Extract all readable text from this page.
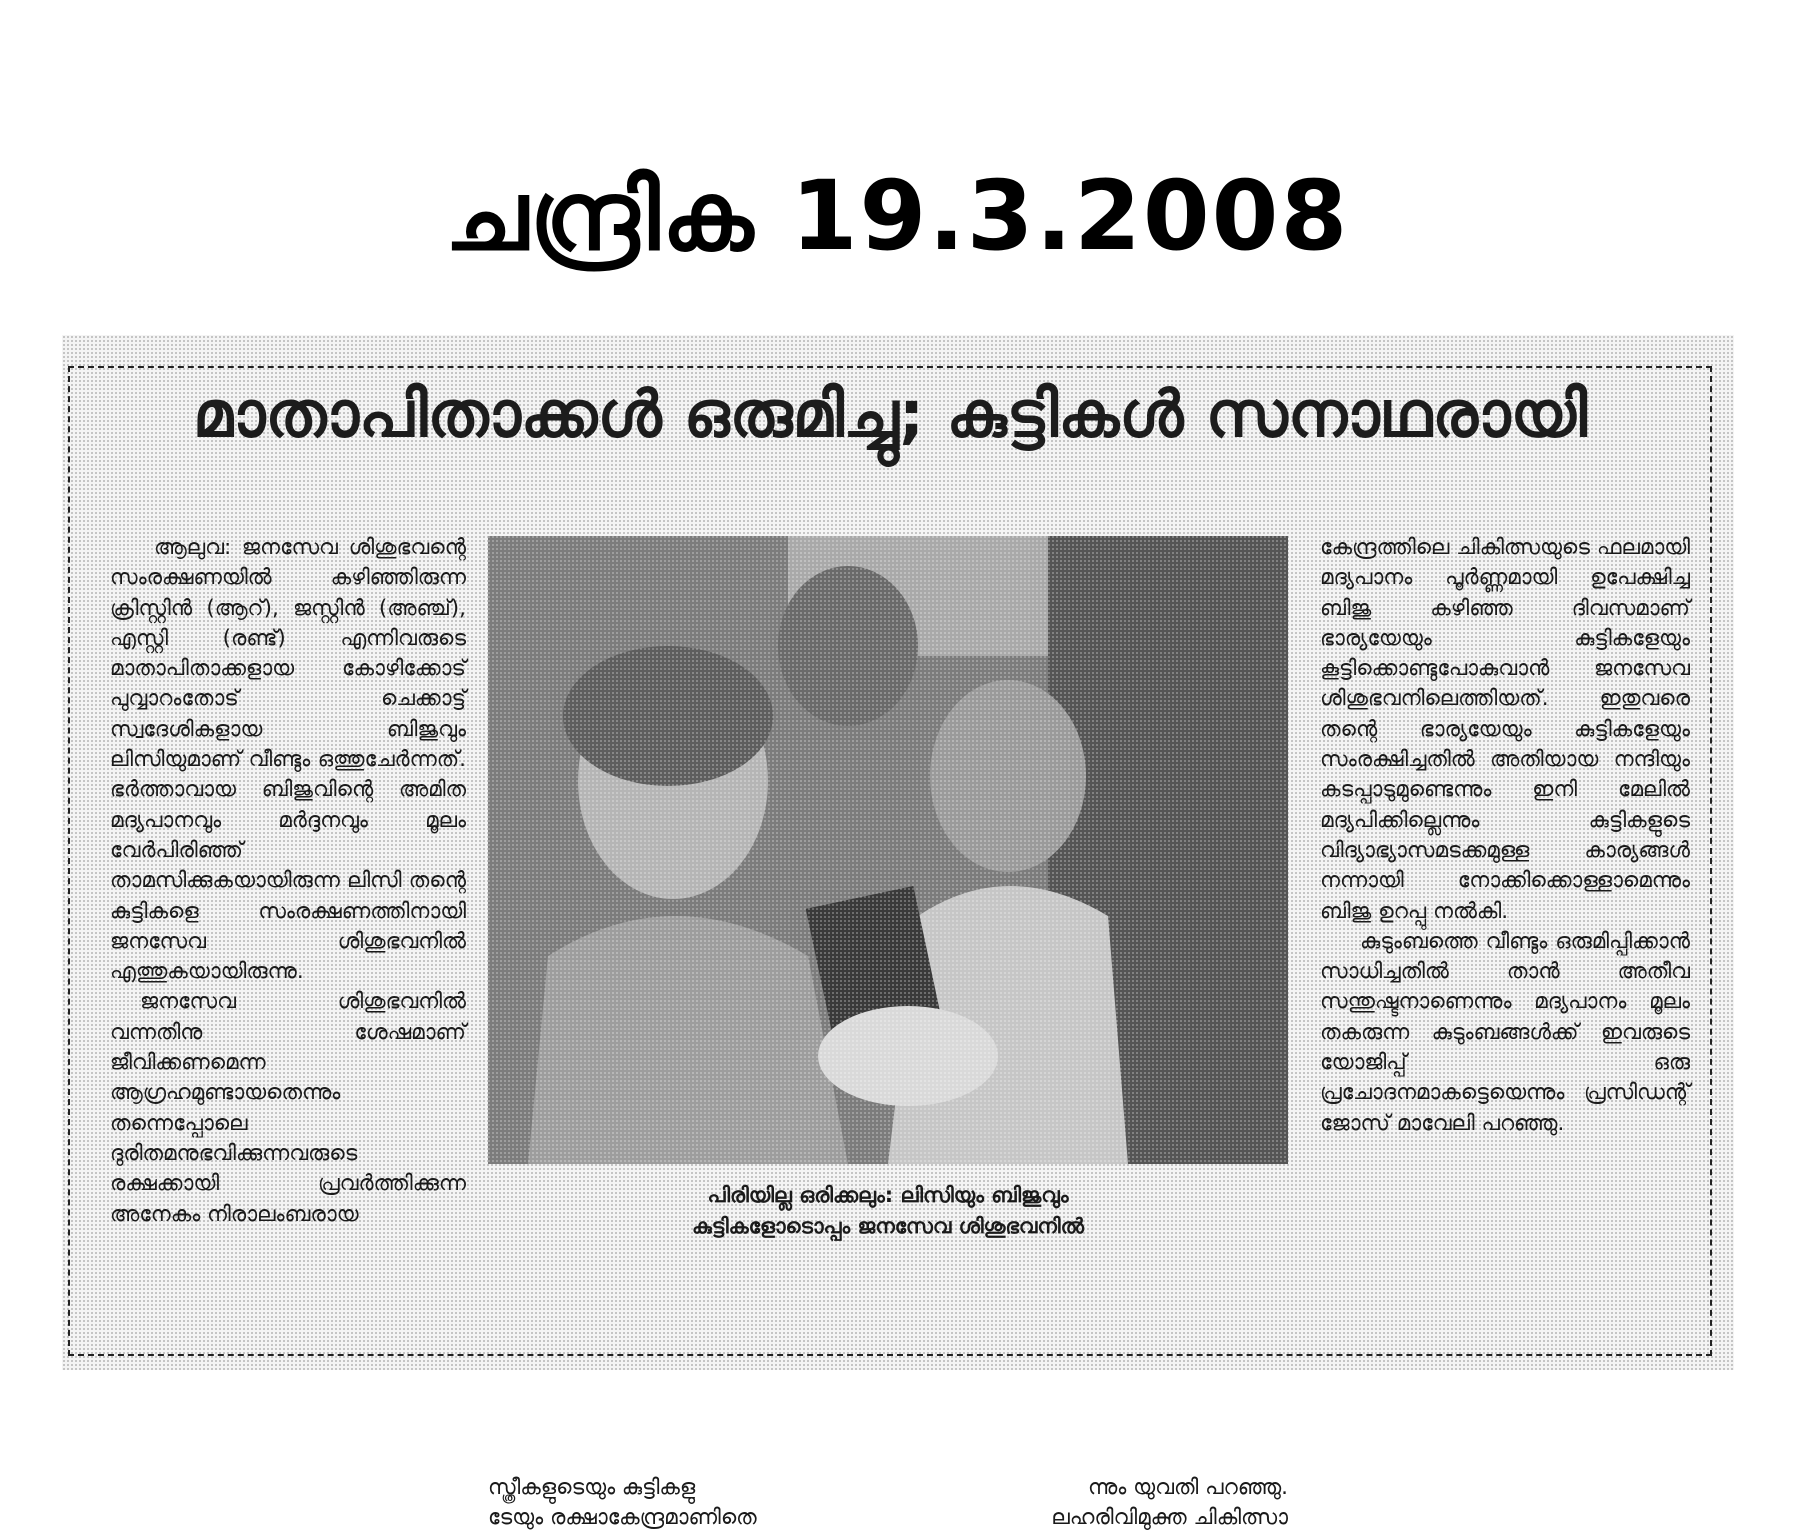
ചന്ദ്രിക 19.3.2008
മാതാപിതാക്കൾ ഒരുമിച്ചു; കുട്ടികൾ സനാഥരായി

ആലുവ: ജനസേവ ശിശുഭവന്റെ സംരക്ഷണയിൽ കഴിഞ്ഞിരുന്ന ക്രിസ്റ്റിൻ (ആറ്), ജസ്റ്റിൻ (അഞ്ച്), എസ്റ്റി (രണ്ട്) എന്നിവരുടെ മാതാപിതാക്കളായ കോഴിക്കോട് പുവ്വാറംതോട് ചെക്കാട്ട് സ്വദേശികളായ ബിജുവും ലിസിയുമാണ് വീണ്ടും ഒത്തുചേർന്നത്. ഭർത്താവായ ബിജുവിന്റെ അമിത മദ്യപാനവും മർദ്ദനവും മൂലം വേർപിരിഞ്ഞ് താമസിക്കുകയായിരുന്ന ലിസി തന്റെ കുട്ടികളെ സംരക്ഷണത്തിനായി ജനസേവ ശിശുഭവനിൽ എത്തുകയായിരുന്നു.

ജനസേവ ശിശുഭവനിൽ വന്നതിനു ശേഷമാണ് ജീവിക്കണമെന്ന ആഗ്രഹമുണ്ടായതെന്നും തന്നെപ്പോലെ ദുരിതമനുഭവിക്കുന്നവരുടെ രക്ഷക്കായി പ്രവർത്തിക്കുന്ന അനേകം നിരാലംബരായ

പിരിയില്ല ഒരിക്കലും: ലിസിയും ബിജുവും
കുട്ടികളോടൊപ്പം ജനസേവ ശിശുഭവനിൽ
സ്ത്രീകളുടെയും കുട്ടികളു	ന്നും യുവതി പറഞ്ഞു.
ടേയും രക്ഷാകേന്ദ്രമാണിതെ	ലഹരിവിമുക്ത ചികിത്സാ

കേന്ദ്രത്തിലെ ചികിത്സയുടെ ഫലമായി മദ്യപാനം പൂർണ്ണമായി ഉപേക്ഷിച്ച ബിജു കഴിഞ്ഞ ദിവസമാണ് ഭാര്യയേയും കുട്ടികളേയും കൂട്ടിക്കൊണ്ടുപോകുവാൻ ജനസേവ ശിശുഭവനിലെത്തിയത്. ഇതുവരെ തന്റെ ഭാര്യയേയും കുട്ടികളേയും സംരക്ഷിച്ചതിൽ അതിയായ നന്ദിയും കടപ്പാടുമുണ്ടെന്നും ഇനി മേലിൽ മദ്യപിക്കില്ലെന്നും കുട്ടികളുടെ വിദ്യാഭ്യാസമടക്കമുള്ള കാര്യങ്ങൾ നന്നായി നോക്കിക്കൊള്ളാമെന്നും ബിജു ഉറപ്പു നൽകി.

കുടുംബത്തെ വീണ്ടും ഒരുമിപ്പിക്കാൻ സാധിച്ചതിൽ താൻ അതീവ സന്തുഷ്ടനാണെന്നും മദ്യപാനം മൂലം തകരുന്ന കുടുംബങ്ങൾക്ക് ഇവരുടെ യോജിപ്പ് ഒരു പ്രചോദനമാകട്ടെയെന്നും പ്രസിഡന്റ് ജോസ് മാവേലി പറഞ്ഞു.
